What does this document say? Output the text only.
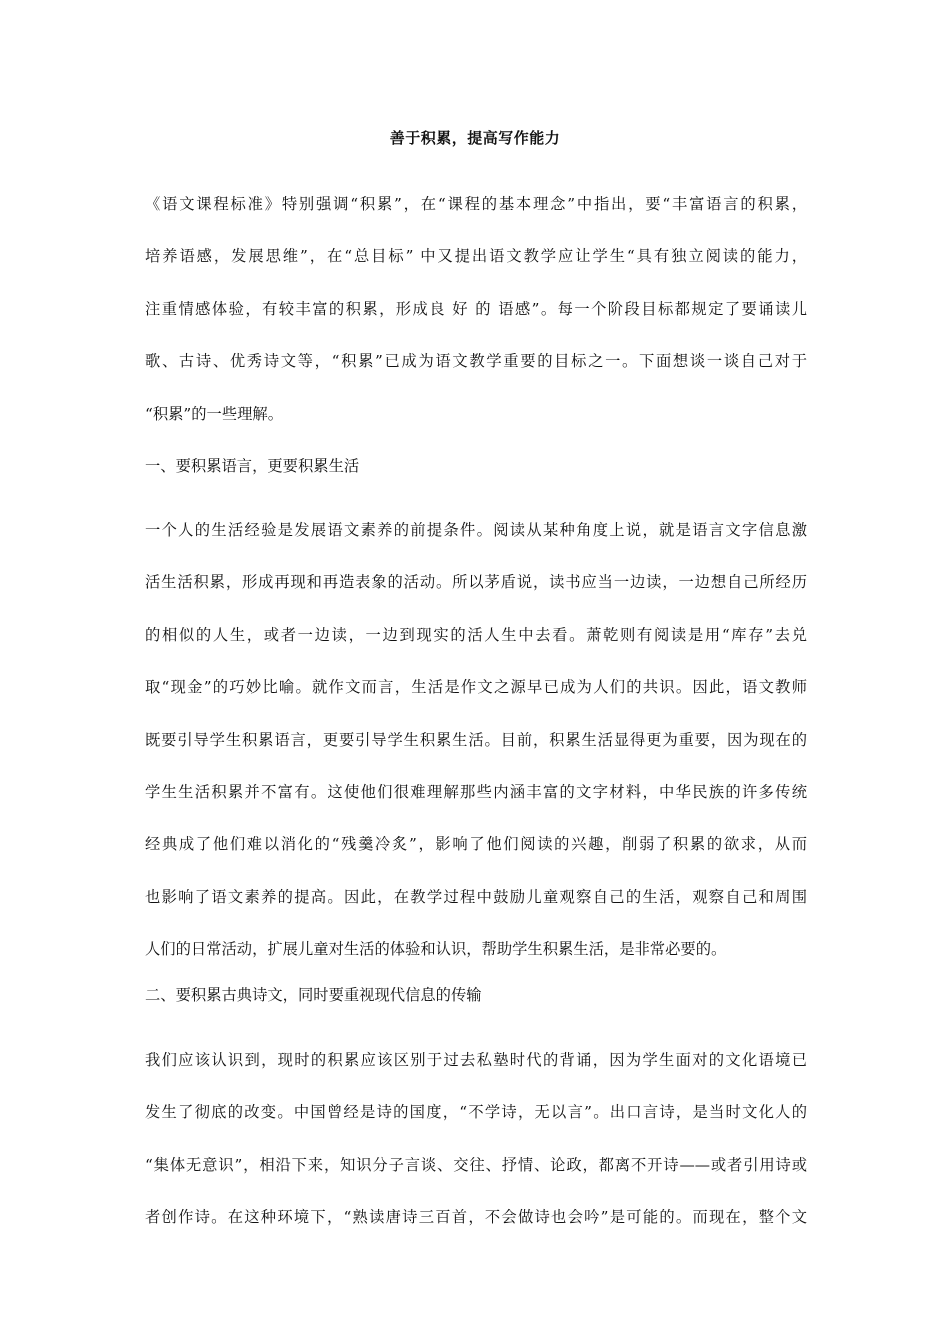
善于积累，提高写作能力
《语文课程标准》特别强调“积累”，在“课程的基本理念”中指出，要“丰富语言的积累，
培养语感，发展思维”，在“总目标” 中又提出语文教学应让学生“具有独立阅读的能力，
注重情感体验，有较丰富的积累，形成良 好 的 语感”。每一个阶段目标都规定了要诵读儿
歌、古诗、优秀诗文等，“积累”已成为语文教学重要的目标之一。下面想谈一谈自己对于
“积累”的一些理解。
一、要积累语言，更要积累生活
一个人的生活经验是发展语文素养的前提条件。阅读从某种角度上说，就是语言文字信息激
活生活积累，形成再现和再造表象的活动。所以茅盾说，读书应当一边读，一边想自己所经历
的相似的人生，或者一边读，一边到现实的活人生中去看。萧乾则有阅读是用“库存”去兑
取“现金”的巧妙比喻。就作文而言，生活是作文之源早已成为人们的共识。因此，语文教师
既要引导学生积累语言，更要引导学生积累生活。目前，积累生活显得更为重要，因为现在的
学生生活积累并不富有。这使他们很难理解那些内涵丰富的文字材料，中华民族的许多传统
经典成了他们难以消化的“残羹冷炙”，影响了他们阅读的兴趣，削弱了积累的欲求，从而
也影响了语文素养的提高。因此，在教学过程中鼓励儿童观察自己的生活，观察自己和周围
人们的日常活动，扩展儿童对生活的体验和认识，帮助学生积累生活，是非常必要的。
二、要积累古典诗文，同时要重视现代信息的传输
我们应该认识到，现时的积累应该区别于过去私塾时代的背诵，因为学生面对的文化语境已
发生了彻底的改变。中国曾经是诗的国度，“不学诗，无以言”。出口言诗，是当时文化人的
“集体无意识”，相沿下来，知识分子言谈、交往、抒情、论政，都离不开诗——或者引用诗或
者创作诗。在这种环境下，“熟读唐诗三百首，不会做诗也会吟”是可能的。而现在，整个文
